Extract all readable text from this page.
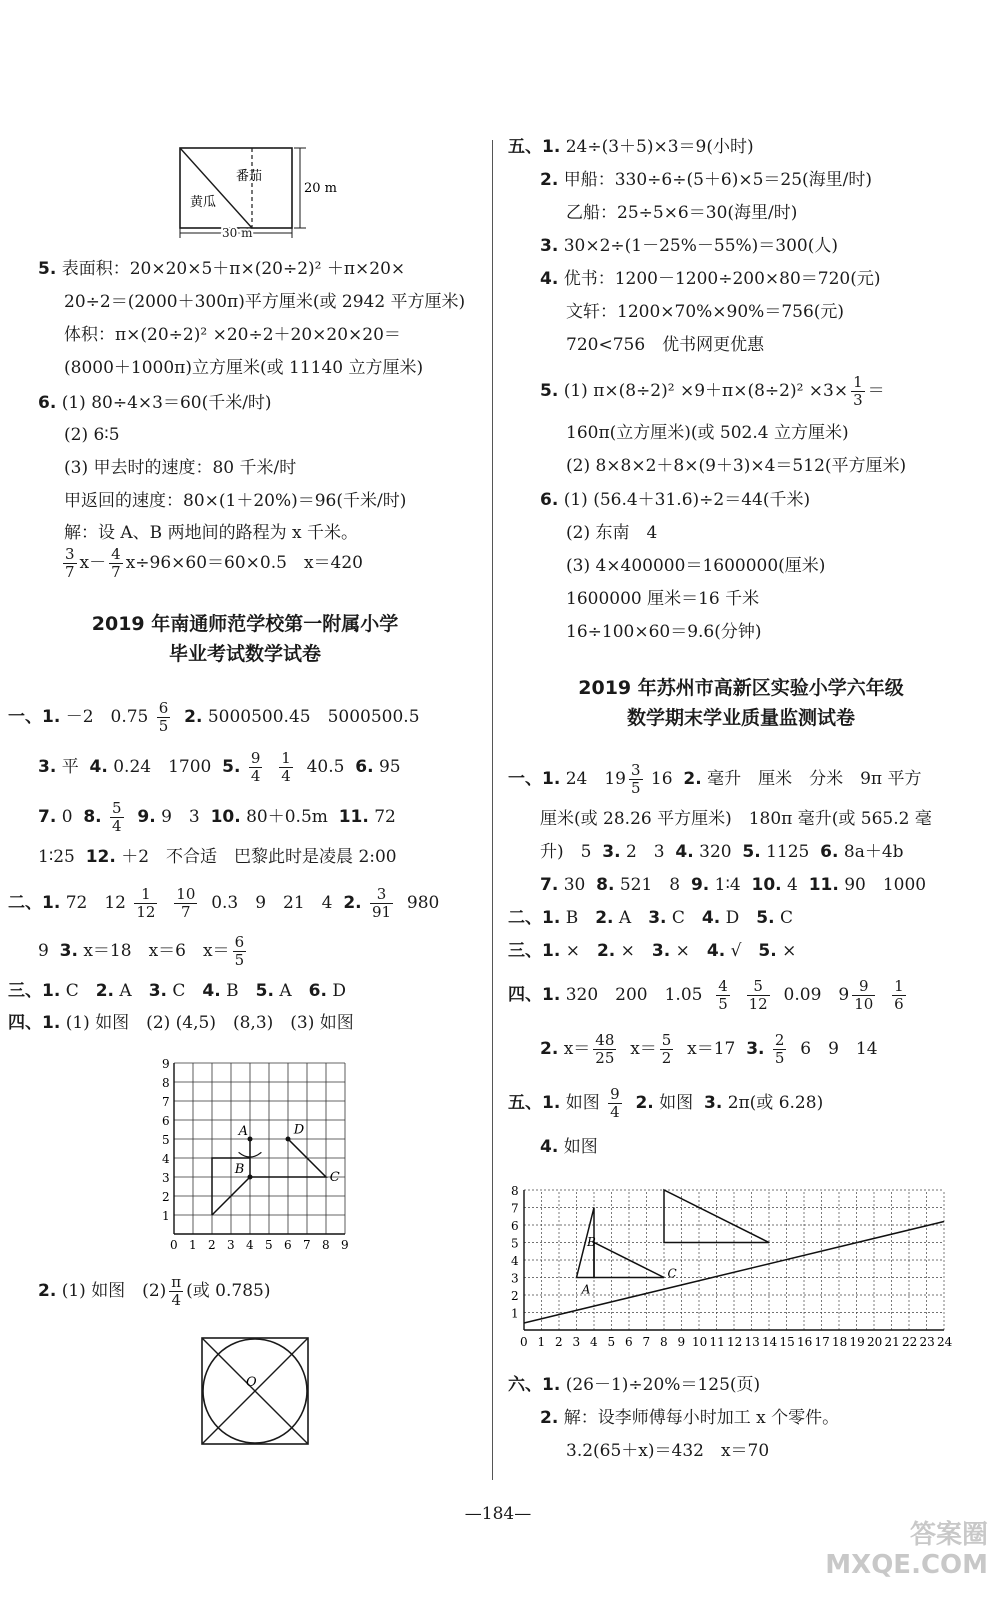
番茄
黄瓜
20 m
30 m
5. 表面积：20×20×5＋π×(20÷2)² ＋π×20×
20÷2＝(2000＋300π)平方厘米(或 2942 平方厘米)
体积：π×(20÷2)² ×20÷2＋20×20×20＝
(8000＋1000π)立方厘米(或 11140 立方厘米)
6. (1) 80÷4×3＝60(千米/时)
(2) 6∶5
(3) 甲去时的速度：80 千米/时
甲返回的速度：80×(1＋20%)＝96(千米/时)
解：设 A、B 两地间的路程为 x 千米。
$\frac{3}{7} x- \frac{4}{7} x\div 96\times 60=60\times 0.5$　x＝420
2019 年南通师范学校第一附属小学
毕业考试数学试卷
一、1. －2　$0.75 \frac{6}{5} 2$. 5000500.45　5000500.5
3. 平 4. 0.24　1700 5. $\frac{9}{4}$
$\frac{1}{4} 40.5$ 6. 95
7. 0 8. $\frac{5}{4} 9$. 9　3 10. 80＋0.5m 11. 72
1∶25 12. ＋2　不合适　巴黎此时是凌晨 2:00
二、1. 72　$12 \frac{1}{12}$
$\frac{10}{7} 0.3$　9　21　4 2. $\frac{3}{91} 980$
9 3. x＝18　x＝6　$x= \frac{6}{5}$
三、1. C　2. A　3. C　4. B　5. A　6. D
四、1. (1) 如图　(2) (4,5)　(8,3)　(3) 如图
0 1 2 3 4 5 6 7 8 9
9
8
7
6
5
4
3
2
1
A
B
C
D
2. (1) 如图　$(2) \frac{\pi}{4}$ (或 0.785)
O
五、1. 24÷(3＋5)×3＝9(小时)
2. 甲船：330÷6÷(5＋6)×5＝25(海里/时)
乙船：25÷5×6＝30(海里/时)
3. 30×2÷(1－25%－55%)＝300(人)
4. 优书：1200－1200÷200×80＝720(元)
文轩：1200×70%×90%＝756(元)
720<756　优书网更优惠
5. (1) $\pi\times(8\div 2)^2 \times 9+\pi\times(8\div 2)^2 \times 3\times \frac{1}{3}$ ＝
160π(立方厘米)(或 502.4 立方厘米)
(2) 8×8×2＋8×(9＋3)×4＝512(平方厘米)
6. (1) (56.4＋31.6)÷2＝44(千米)
(2) 东南　4
(3) 4×400000＝1600000(厘米)
1600000 厘米＝16 千米
16÷100×60＝9.6(分钟)
2019 年苏州市高新区实验小学六年级
数学期末学业质量监测试卷
一、1. 24　$19 \frac{3}{5} 16$ 2. 毫升　厘米　分米　9π 平方
厘米(或 28.26 平方厘米)　180π 毫升(或 565.2 毫
升)　5 3. 2　3 4. 320 5. 1125 6. 8a＋4b
7. 30 8. 521　8 9. 1∶4 10. 4 11. 90　1000
二、1. B　2. A　3. C　4. D　5. C
三、1. ×　2. ×　3. ×　4. √　5. ×
四、1. 320　200　$1.05 \frac{4}{5}$
$\frac{5}{12} 0.09$　$9 \frac{9}{10}$
$\frac{1}{6}$
2. $x= \frac{48}{25} x= \frac{5}{2} x=17$ 3. $\frac{2}{5} 6$　9　14
五、1. 如图 $\frac{9}{4} 2$. 如图 3. 2π(或 6.28)
4. 如图
0 1 2 3 4 5 6 7 8 9 10 11 12 13 14 15 16 17 18 19 20 21 22 23 24
8
7
6
5
4
3
2
1
A
B
C
六、1. (26－1)÷20%＝125(页)
2. 解：设李师傅每小时加工 x 个零件。
3.2(65＋x)＝432　x＝70
—184—
答案圈
MXQE.COM
